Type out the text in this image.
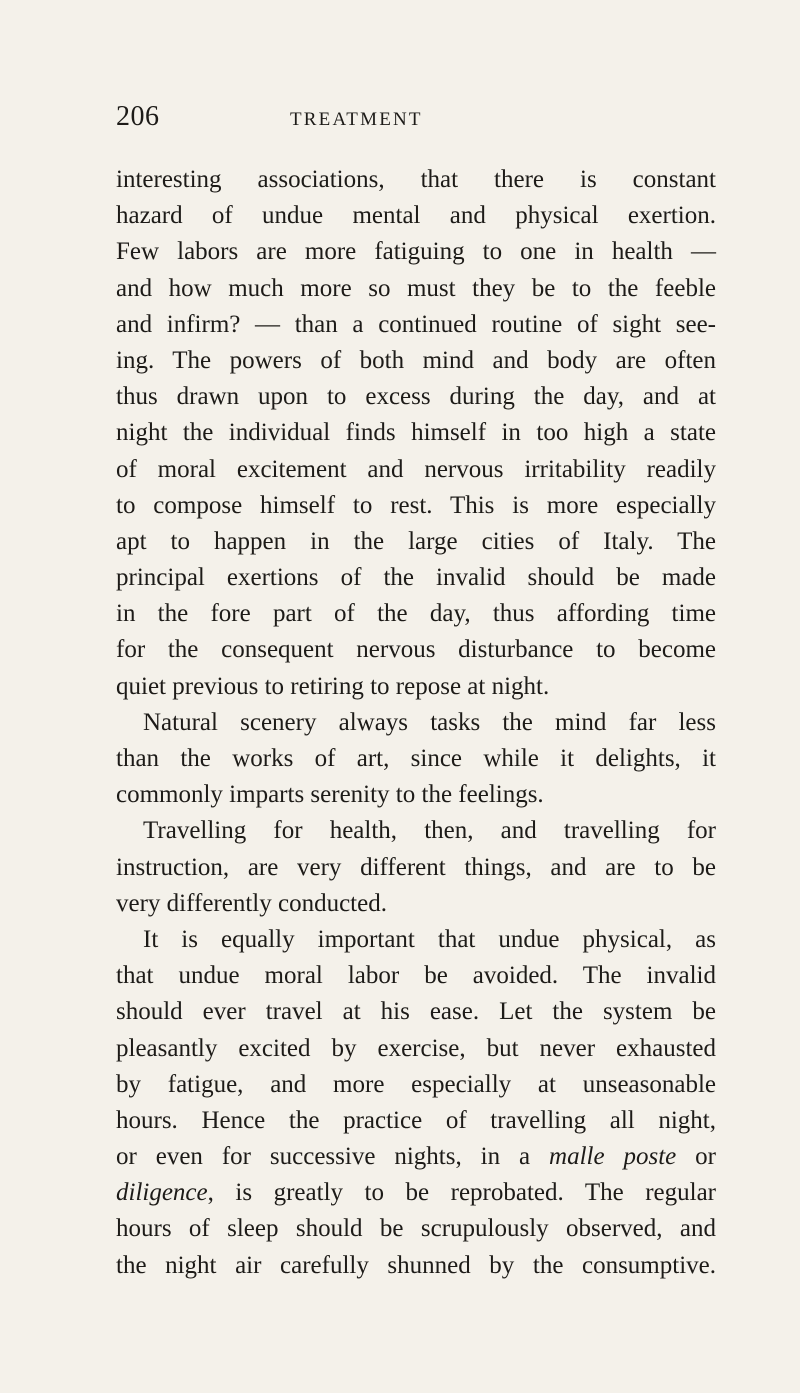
206	TREATMENT
interesting associations, that there is constant
hazard of undue mental and physical exertion.
Few labors are more fatiguing to one in health —
and how much more so must they be to the feeble
and infirm? — than a continued routine of sight see-
ing. The powers of both mind and body are often
thus drawn upon to excess during the day, and at
night the individual finds himself in too high a state
of moral excitement and nervous irritability readily
to compose himself to rest. This is more especially
apt to happen in the large cities of Italy. The
principal exertions of the invalid should be made
in the fore part of the day, thus affording time
for the consequent nervous disturbance to become
quiet previous to retiring to repose at night.
Natural scenery always tasks the mind far less
than the works of art, since while it delights, it
commonly imparts serenity to the feelings.
Travelling for health, then, and travelling for
instruction, are very different things, and are to be
very differently conducted.
It is equally important that undue physical, as
that undue moral labor be avoided. The invalid
should ever travel at his ease. Let the system be
pleasantly excited by exercise, but never exhausted
by fatigue, and more especially at unseasonable
hours. Hence the practice of travelling all night,
or even for successive nights, in a malle poste or
diligence, is greatly to be reprobated. The regular
hours of sleep should be scrupulously observed, and
the night air carefully shunned by the consumptive.
